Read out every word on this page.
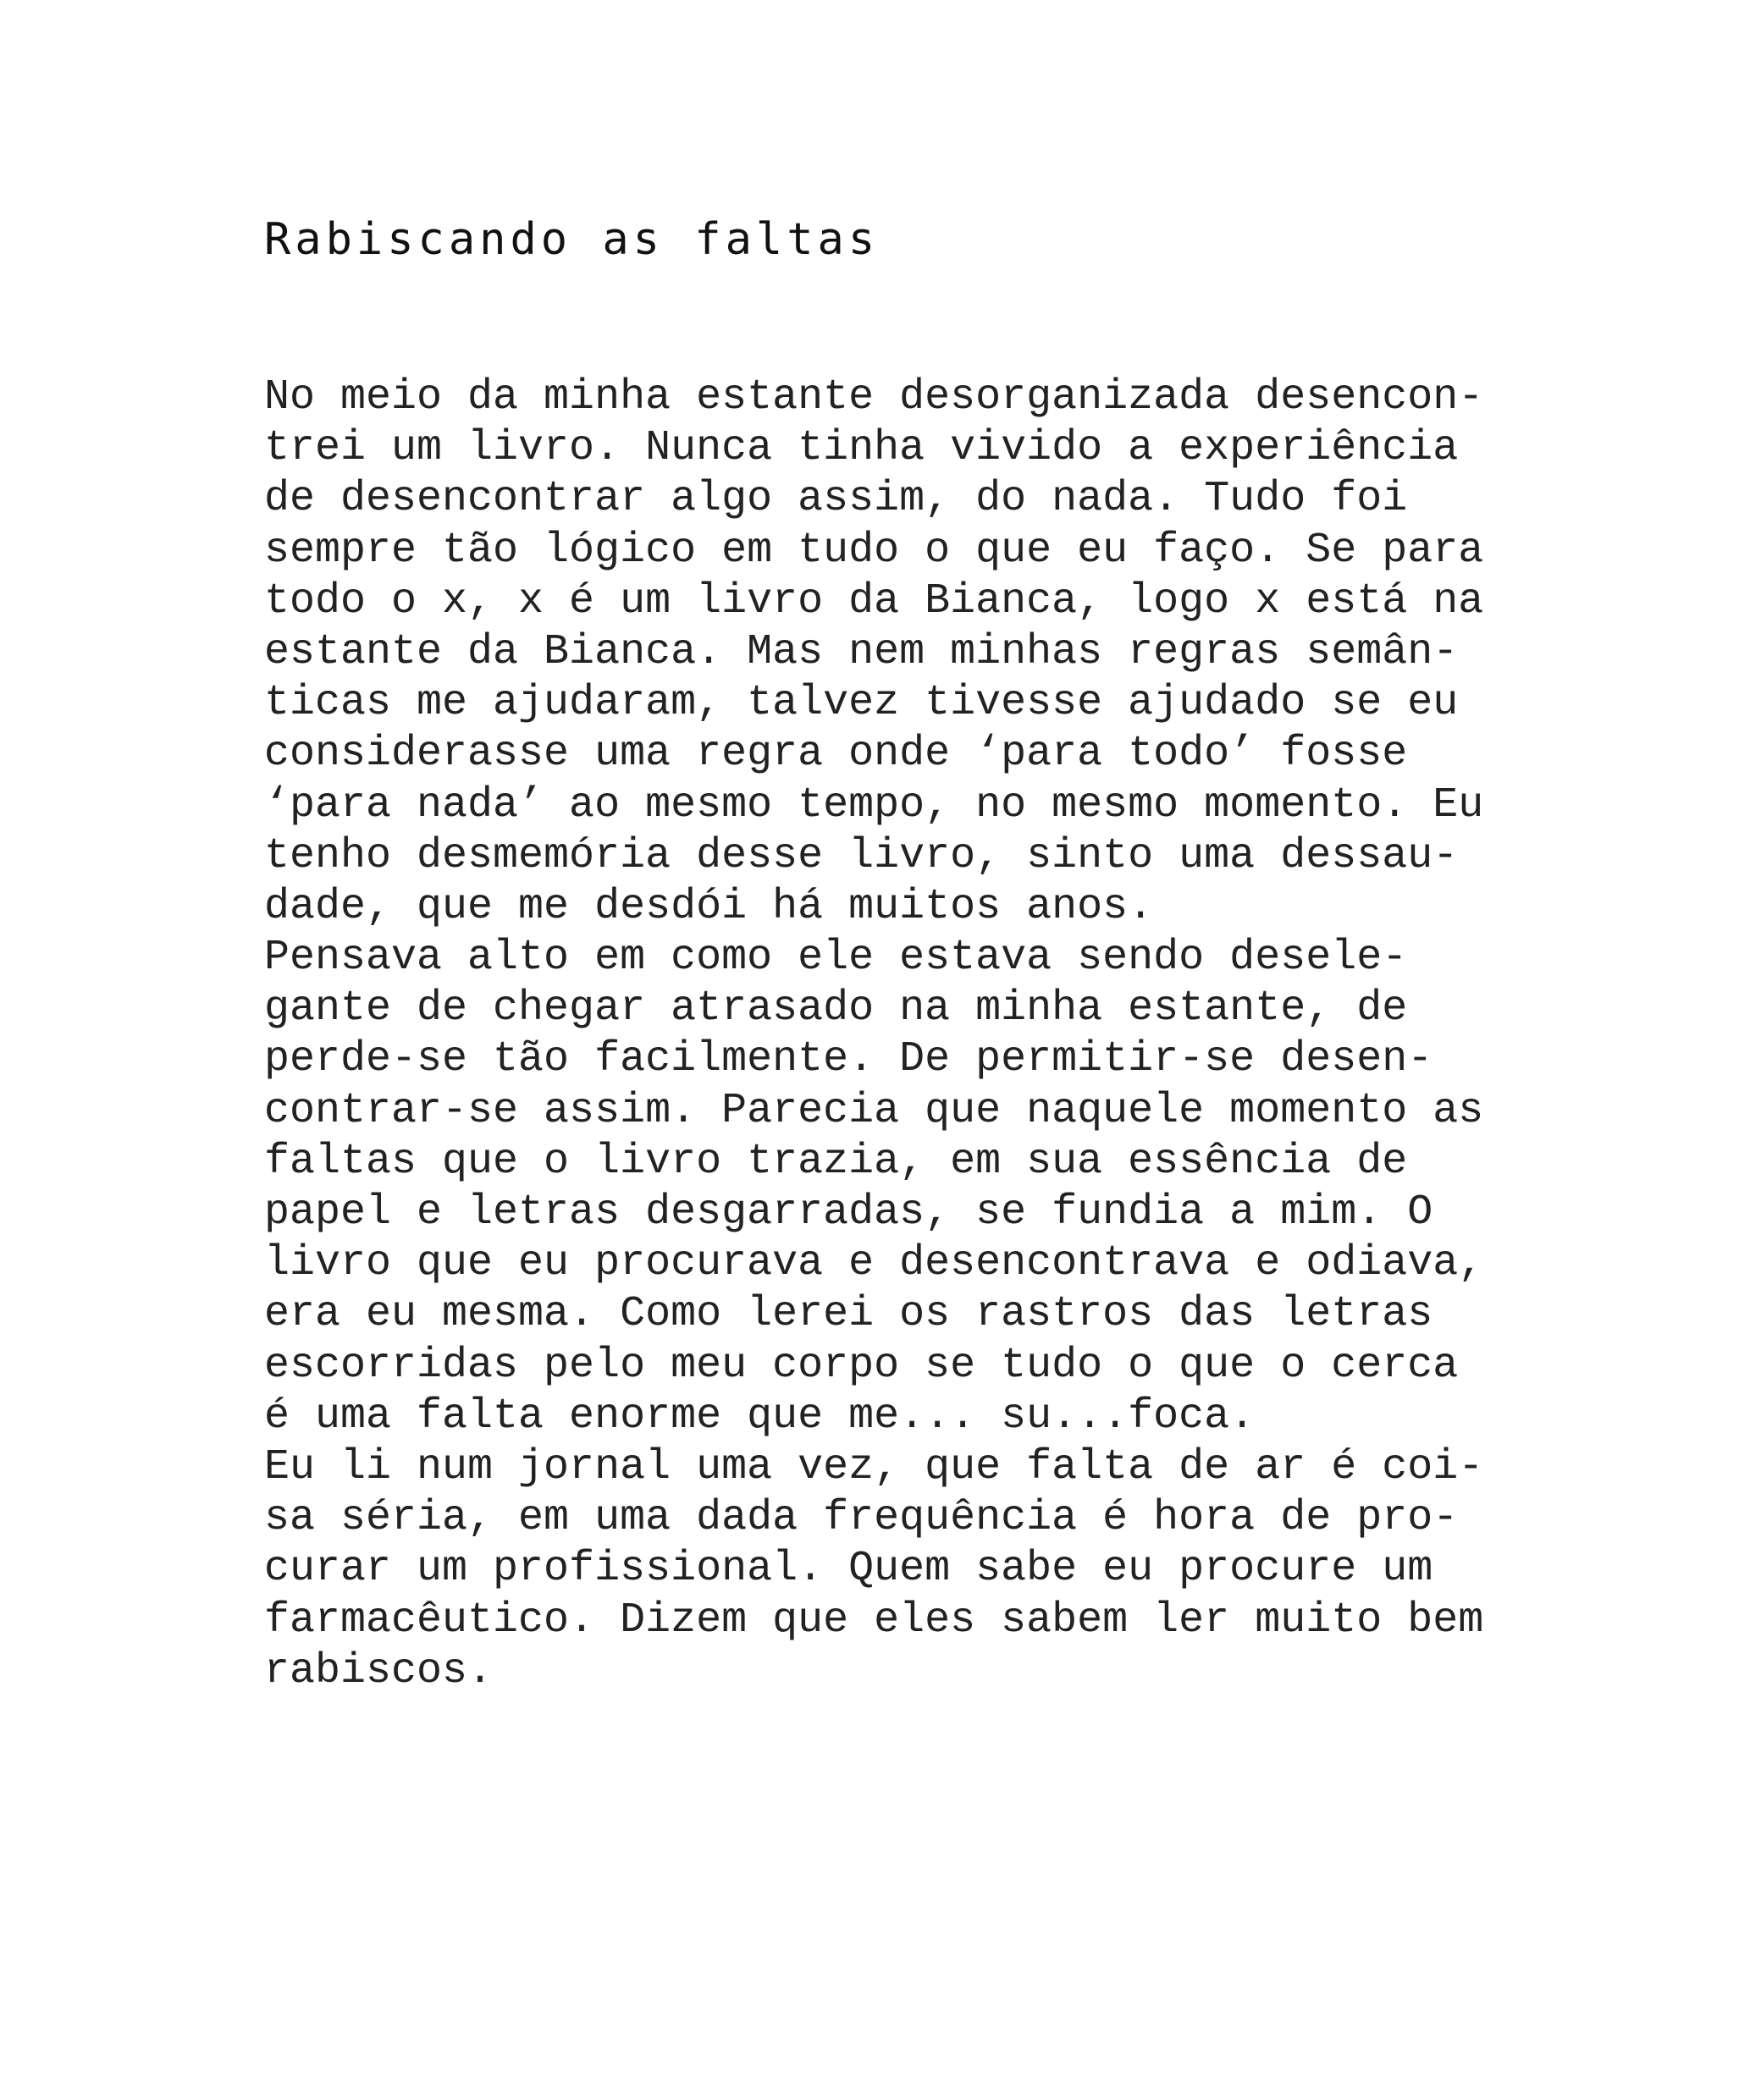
Rabiscando as faltas
No meio da minha estante desorganizada desencon-
trei um livro. Nunca tinha vivido a experiência
de desencontrar algo assim, do nada. Tudo foi
sempre tão lógico em tudo o que eu faço. Se para
todo o x, x é um livro da Bianca, logo x está na
estante da Bianca. Mas nem minhas regras semân-
ticas me ajudaram, talvez tivesse ajudado se eu
considerasse uma regra onde ‘para todo’ fosse
‘para nada’ ao mesmo tempo, no mesmo momento. Eu
tenho desmemória desse livro, sinto uma dessau-
dade, que me desdói há muitos anos.
Pensava alto em como ele estava sendo desele-
gante de chegar atrasado na minha estante, de
perde-se tão facilmente. De permitir-se desen-
contrar-se assim. Parecia que naquele momento as
faltas que o livro trazia, em sua essência de
papel e letras desgarradas, se fundia a mim. O
livro que eu procurava e desencontrava e odiava,
era eu mesma. Como lerei os rastros das letras
escorridas pelo meu corpo se tudo o que o cerca
é uma falta enorme que me... su...foca.
Eu li num jornal uma vez, que falta de ar é coi-
sa séria, em uma dada frequência é hora de pro-
curar um profissional. Quem sabe eu procure um
farmacêutico. Dizem que eles sabem ler muito bem
rabiscos.
